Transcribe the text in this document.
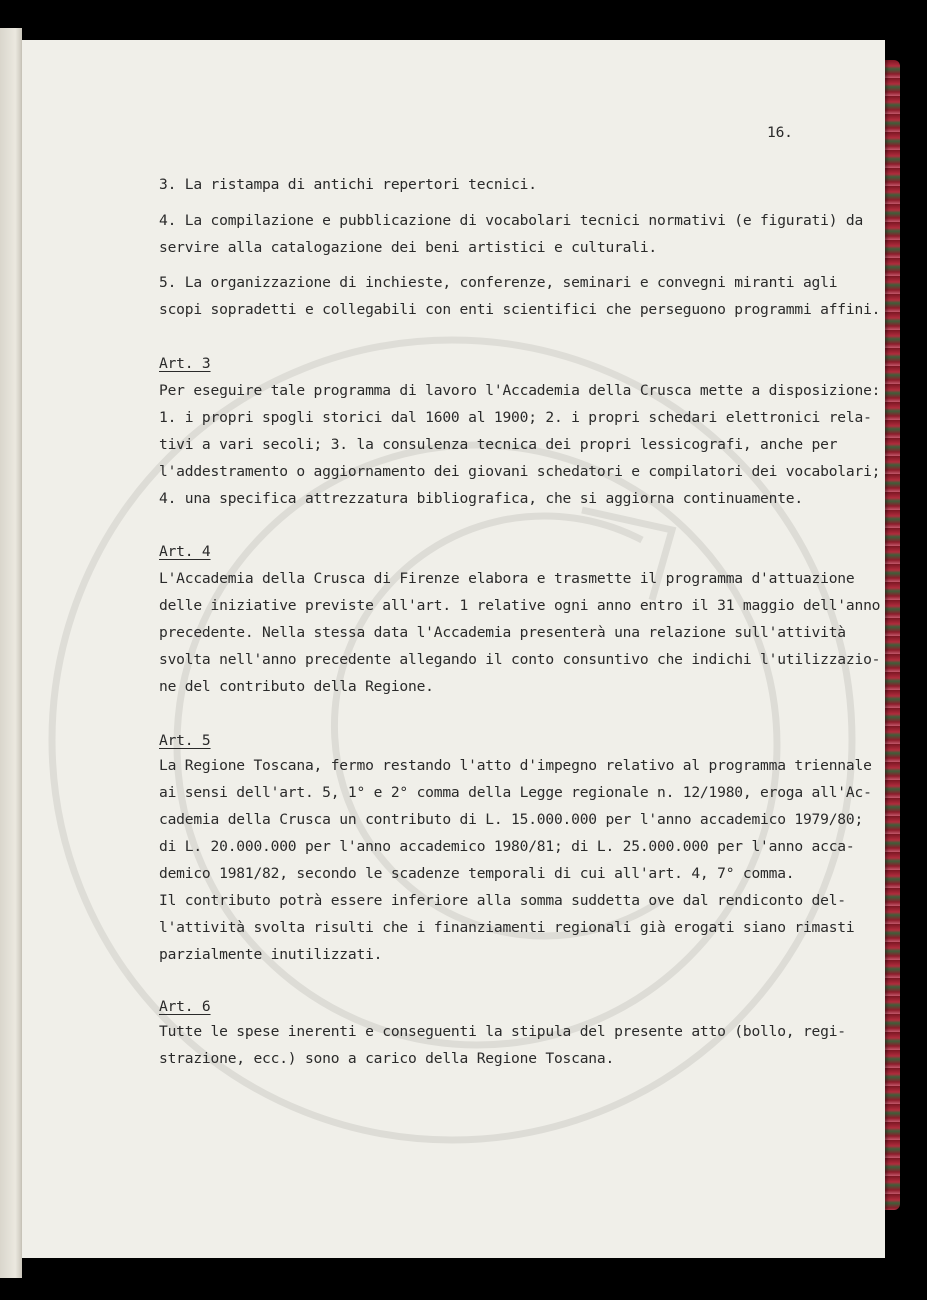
16.

3. La ristampa di antichi repertori tecnici.

4. La compilazione e pubblicazione di vocabolari tecnici normativi (e figurati) da

servire alla catalogazione dei beni artistici e culturali.

5. La organizzazione di inchieste, conferenze, seminari e convegni miranti agli

scopi sopradetti e collegabili con enti scientifici che perseguono programmi affini.

Art. 3

Per eseguire tale programma di lavoro l'Accademia della Crusca mette a disposizione:

1. i propri spogli storici dal 1600 al 1900; 2. i propri schedari elettronici rela-

tivi a vari secoli; 3. la consulenza tecnica dei propri lessicografi, anche per

l'addestramento o aggiornamento dei giovani schedatori e compilatori dei vocabolari;

4. una specifica attrezzatura bibliografica, che si aggiorna continuamente.

Art. 4

L'Accademia della Crusca di Firenze elabora e trasmette il programma d'attuazione

delle iniziative previste all'art. 1 relative ogni anno entro il 31 maggio dell'anno

precedente. Nella stessa data l'Accademia presenterà una relazione sull'attività

svolta nell'anno precedente allegando il conto consuntivo che indichi l'utilizzazio-

ne del contributo della Regione.

Art. 5

La Regione Toscana, fermo restando l'atto d'impegno relativo al programma triennale

ai sensi dell'art. 5, 1° e 2° comma della Legge regionale n. 12/1980, eroga all'Ac-

cademia della Crusca un contributo di L. 15.000.000 per l'anno accademico 1979/80;

di L. 20.000.000 per l'anno accademico 1980/81; di L. 25.000.000 per l'anno acca-

demico 1981/82, secondo le scadenze temporali di cui all'art. 4, 7° comma.

Il contributo potrà essere inferiore alla somma suddetta ove dal rendiconto del-

l'attività svolta risulti che i finanziamenti regionali già erogati siano rimasti

parzialmente inutilizzati.

Art. 6

Tutte le spese inerenti e conseguenti la stipula del presente atto (bollo, regi-

strazione, ecc.) sono a carico della Regione Toscana.
